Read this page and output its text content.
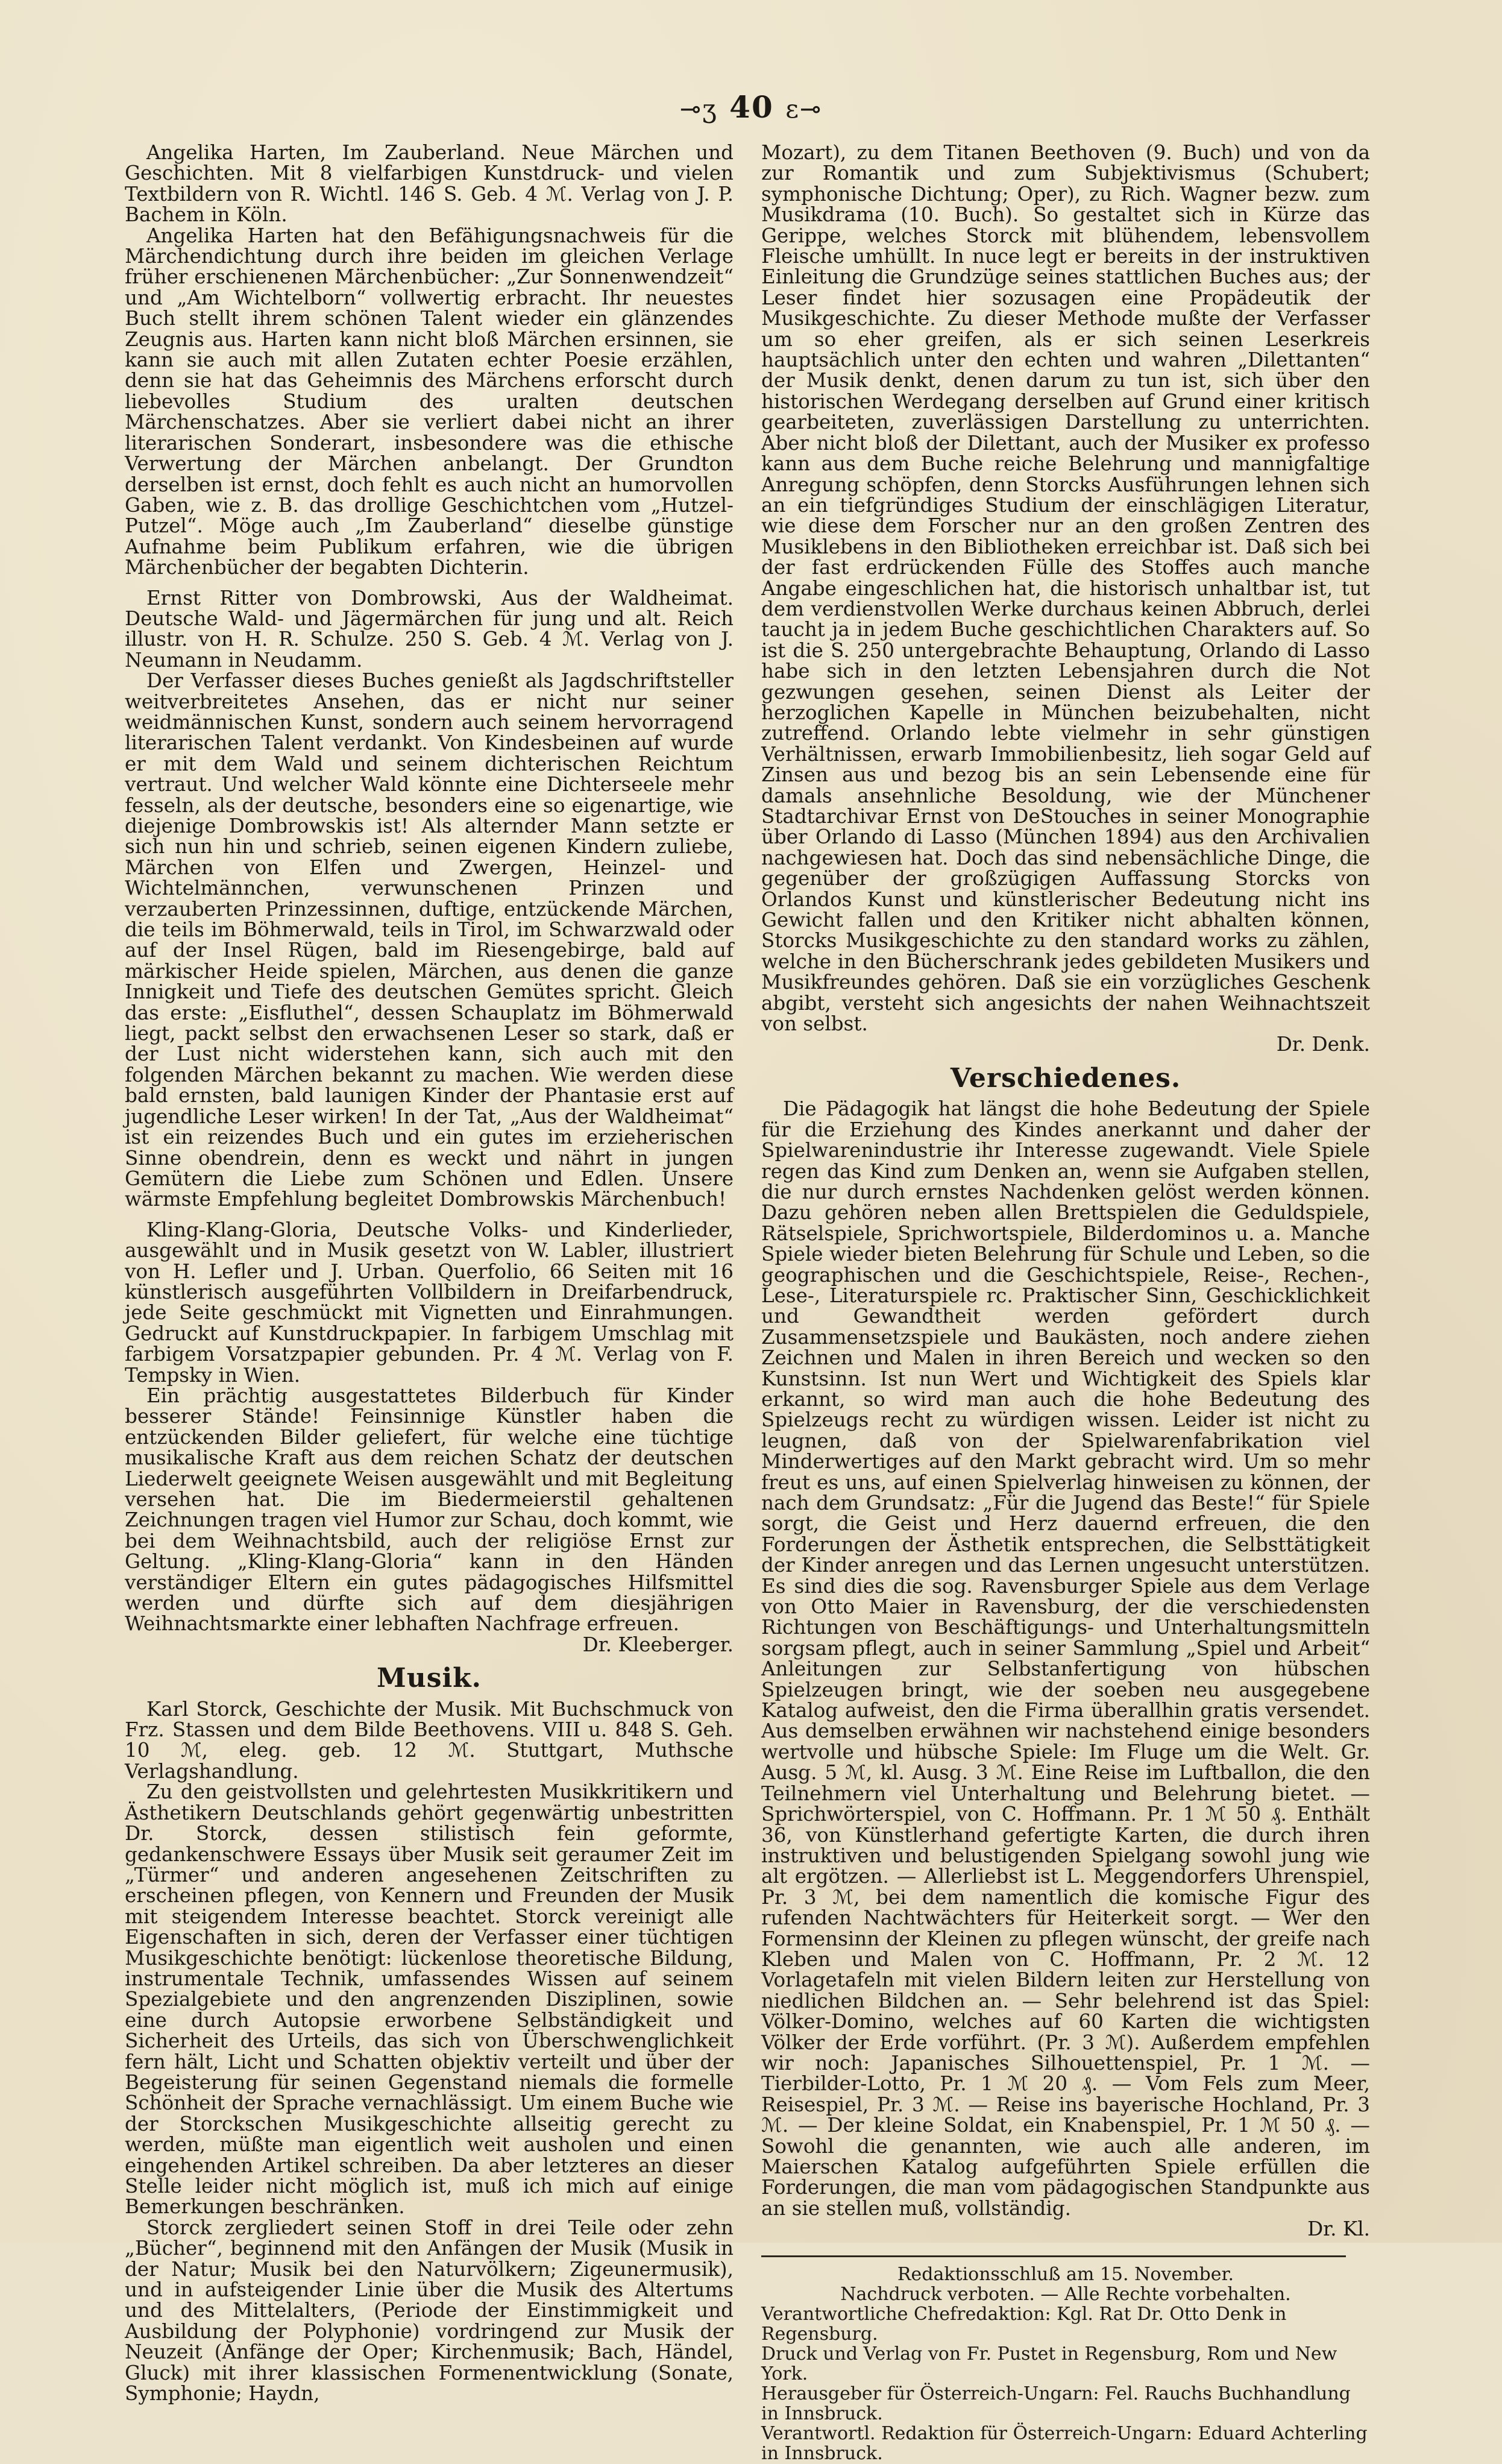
⊸ʒ 40 ɛ⊸

Angelika Harten, Im Zauberland. Neue Märchen und Geschichten. Mit 8 vielfarbigen Kunstdruck- und vielen Textbildern von R. Wichtl. 146 S. Geb. 4 ℳ. Verlag von J. P. Bachem in Köln.

Angelika Harten hat den Befähigungsnachweis für die Märchendichtung durch ihre beiden im gleichen Verlage früher erschienenen Märchenbücher: „Zur Sonnenwendzeit“ und „Am Wichtelborn“ vollwertig erbracht. Ihr neuestes Buch stellt ihrem schönen Talent wieder ein glänzendes Zeugnis aus. Harten kann nicht bloß Märchen ersinnen, sie kann sie auch mit allen Zutaten echter Poesie erzählen, denn sie hat das Geheimnis des Märchens erforscht durch liebevolles Studium des uralten deutschen Märchenschatzes. Aber sie verliert dabei nicht an ihrer literarischen Sonderart, insbesondere was die ethische Verwertung der Märchen anbelangt. Der Grundton derselben ist ernst, doch fehlt es auch nicht an humorvollen Gaben, wie z. B. das drollige Geschichtchen vom „Hutzel-Putzel“. Möge auch „Im Zauberland“ dieselbe günstige Aufnahme beim Publikum erfahren, wie die übrigen Märchenbücher der begabten Dichterin.

Ernst Ritter von Dombrowski, Aus der Waldheimat. Deutsche Wald- und Jägermärchen für jung und alt. Reich illustr. von H. R. Schulze. 250 S. Geb. 4 ℳ. Verlag von J. Neumann in Neudamm.

Der Verfasser dieses Buches genießt als Jagdschriftsteller weitverbreitetes Ansehen, das er nicht nur seiner weidmännischen Kunst, sondern auch seinem hervorragend literarischen Talent verdankt. Von Kindesbeinen auf wurde er mit dem Wald und seinem dichterischen Reichtum vertraut. Und welcher Wald könnte eine Dichterseele mehr fesseln, als der deutsche, besonders eine so eigenartige, wie diejenige Dombrowskis ist! Als alternder Mann setzte er sich nun hin und schrieb, seinen eigenen Kindern zuliebe, Märchen von Elfen und Zwergen, Heinzel- und Wichtelmännchen, verwunschenen Prinzen und verzauberten Prinzessinnen, duftige, entzückende Märchen, die teils im Böhmerwald, teils in Tirol, im Schwarzwald oder auf der Insel Rügen, bald im Riesengebirge, bald auf märkischer Heide spielen, Märchen, aus denen die ganze Innigkeit und Tiefe des deutschen Gemütes spricht. Gleich das erste: „Eisfluthel“, dessen Schauplatz im Böhmerwald liegt, packt selbst den erwachsenen Leser so stark, daß er der Lust nicht widerstehen kann, sich auch mit den folgenden Märchen bekannt zu machen. Wie werden diese bald ernsten, bald launigen Kinder der Phantasie erst auf jugendliche Leser wirken! In der Tat, „Aus der Waldheimat“ ist ein reizendes Buch und ein gutes im erzieherischen Sinne obendrein, denn es weckt und nährt in jungen Gemütern die Liebe zum Schönen und Edlen. Unsere wärmste Empfehlung begleitet Dombrowskis Märchenbuch!

Kling-Klang-Gloria, Deutsche Volks- und Kinderlieder, ausgewählt und in Musik gesetzt von W. Labler, illustriert von H. Lefler und J. Urban. Querfolio, 66 Seiten mit 16 künstlerisch ausgeführten Vollbildern in Dreifarbendruck, jede Seite geschmückt mit Vignetten und Einrahmungen. Gedruckt auf Kunstdruckpapier. In farbigem Umschlag mit farbigem Vorsatzpapier gebunden. Pr. 4 ℳ. Verlag von F. Tempsky in Wien.

Ein prächtig ausgestattetes Bilderbuch für Kinder besserer Stände! Feinsinnige Künstler haben die entzückenden Bilder geliefert, für welche eine tüchtige musikalische Kraft aus dem reichen Schatz der deutschen Liederwelt geeignete Weisen ausgewählt und mit Begleitung versehen hat. Die im Biedermeierstil gehaltenen Zeichnungen tragen viel Humor zur Schau, doch kommt, wie bei dem Weihnachtsbild, auch der religiöse Ernst zur Geltung. „Kling-Klang-Gloria“ kann in den Händen verständiger Eltern ein gutes pädagogisches Hilfsmittel werden und dürfte sich auf dem diesjährigen Weihnachtsmarkte einer lebhaften Nachfrage erfreuen.

Dr. Kleeberger.

Musik.

Karl Storck, Geschichte der Musik. Mit Buchschmuck von Frz. Stassen und dem Bilde Beethovens. VIII u. 848 S. Geh. 10 ℳ, eleg. geb. 12 ℳ. Stuttgart, Muthsche Verlagshandlung.

Zu den geistvollsten und gelehrtesten Musikkritikern und Ästhetikern Deutschlands gehört gegenwärtig unbestritten Dr. Storck, dessen stilistisch fein geformte, gedankenschwere Essays über Musik seit geraumer Zeit im „Türmer“ und anderen angesehenen Zeitschriften zu erscheinen pflegen, von Kennern und Freunden der Musik mit steigendem Interesse beachtet. Storck vereinigt alle Eigenschaften in sich, deren der Verfasser einer tüchtigen Musikgeschichte benötigt: lückenlose theoretische Bildung, instrumentale Technik, umfassendes Wissen auf seinem Spezialgebiete und den angrenzenden Disziplinen, sowie eine durch Autopsie erworbene Selbständigkeit und Sicherheit des Urteils, das sich von Überschwenglichkeit fern hält, Licht und Schatten objektiv verteilt und über der Begeisterung für seinen Gegenstand niemals die formelle Schönheit der Sprache vernachlässigt. Um einem Buche wie der Storckschen Musikgeschichte allseitig gerecht zu werden, müßte man eigentlich weit ausholen und einen eingehenden Artikel schreiben. Da aber letzteres an dieser Stelle leider nicht möglich ist, muß ich mich auf einige Bemerkungen beschränken.

Storck zergliedert seinen Stoff in drei Teile oder zehn „Bücher“, beginnend mit den Anfängen der Musik (Musik in der Natur; Musik bei den Naturvölkern; Zigeunermusik), und in aufsteigender Linie über die Musik des Altertums und des Mittelalters, (Periode der Einstimmigkeit und Ausbildung der Polyphonie) vordringend zur Musik der Neuzeit (Anfänge der Oper; Kirchenmusik; Bach, Händel, Gluck) mit ihrer klassischen Formenentwicklung (Sonate, Symphonie; Haydn,

Mozart), zu dem Titanen Beethoven (9. Buch) und von da zur Romantik und zum Subjektivismus (Schubert; symphonische Dichtung; Oper), zu Rich. Wagner bezw. zum Musikdrama (10. Buch). So gestaltet sich in Kürze das Gerippe, welches Storck mit blühendem, lebensvollem Fleische umhüllt. In nuce legt er bereits in der instruktiven Einleitung die Grundzüge seines stattlichen Buches aus; der Leser findet hier sozusagen eine Propädeutik der Musikgeschichte. Zu dieser Methode mußte der Verfasser um so eher greifen, als er sich seinen Leserkreis hauptsächlich unter den echten und wahren „Dilettanten“ der Musik denkt, denen darum zu tun ist, sich über den historischen Werdegang derselben auf Grund einer kritisch gearbeiteten, zuverlässigen Darstellung zu unterrichten. Aber nicht bloß der Dilettant, auch der Musiker ex professo kann aus dem Buche reiche Belehrung und mannigfaltige Anregung schöpfen, denn Storcks Ausführungen lehnen sich an ein tiefgründiges Studium der einschlägigen Literatur, wie diese dem Forscher nur an den großen Zentren des Musiklebens in den Bibliotheken erreichbar ist. Daß sich bei der fast erdrückenden Fülle des Stoffes auch manche Angabe eingeschlichen hat, die historisch unhaltbar ist, tut dem verdienstvollen Werke durchaus keinen Abbruch, derlei taucht ja in jedem Buche geschichtlichen Charakters auf. So ist die S. 250 untergebrachte Behauptung, Orlando di Lasso habe sich in den letzten Lebensjahren durch die Not gezwungen gesehen, seinen Dienst als Leiter der herzoglichen Kapelle in München beizubehalten, nicht zutreffend. Orlando lebte vielmehr in sehr günstigen Verhältnissen, erwarb Immobilienbesitz, lieh sogar Geld auf Zinsen aus und bezog bis an sein Lebensende eine für damals ansehnliche Besoldung, wie der Münchener Stadtarchivar Ernst von DeStouches in seiner Monographie über Orlando di Lasso (München 1894) aus den Archivalien nachgewiesen hat. Doch das sind nebensächliche Dinge, die gegenüber der großzügigen Auffassung Storcks von Orlandos Kunst und künstlerischer Bedeutung nicht ins Gewicht fallen und den Kritiker nicht abhalten können, Storcks Musikgeschichte zu den standard works zu zählen, welche in den Bücherschrank jedes gebildeten Musikers und Musikfreundes gehören. Daß sie ein vorzügliches Geschenk abgibt, versteht sich angesichts der nahen Weihnachtszeit von selbst.

Dr. Denk.

Verschiedenes.

Die Pädagogik hat längst die hohe Bedeutung der Spiele für die Erziehung des Kindes anerkannt und daher der Spielwarenindustrie ihr Interesse zugewandt. Viele Spiele regen das Kind zum Denken an, wenn sie Aufgaben stellen, die nur durch ernstes Nachdenken gelöst werden können. Dazu gehören neben allen Brettspielen die Geduldspiele, Rätselspiele, Sprichwortspiele, Bilderdominos u. a. Manche Spiele wieder bieten Belehrung für Schule und Leben, so die geographischen und die Geschichtspiele, Reise-, Rechen-, Lese-, Literaturspiele rc. Praktischer Sinn, Geschicklichkeit und Gewandtheit werden gefördert durch Zusammensetzspiele und Baukästen, noch andere ziehen Zeichnen und Malen in ihren Bereich und wecken so den Kunstsinn. Ist nun Wert und Wichtigkeit des Spiels klar erkannt, so wird man auch die hohe Bedeutung des Spielzeugs recht zu würdigen wissen. Leider ist nicht zu leugnen, daß von der Spielwarenfabrikation viel Minderwertiges auf den Markt gebracht wird. Um so mehr freut es uns, auf einen Spielverlag hinweisen zu können, der nach dem Grundsatz: „Für die Jugend das Beste!“ für Spiele sorgt, die Geist und Herz dauernd erfreuen, die den Forderungen der Ästhetik entsprechen, die Selbsttätigkeit der Kinder anregen und das Lernen ungesucht unterstützen. Es sind dies die sog. Ravensburger Spiele aus dem Verlage von Otto Maier in Ravensburg, der die verschiedensten Richtungen von Beschäftigungs- und Unterhaltungsmitteln sorgsam pflegt, auch in seiner Sammlung „Spiel und Arbeit“ Anleitungen zur Selbstanfertigung von hübschen Spielzeugen bringt, wie der soeben neu ausgegebene Katalog aufweist, den die Firma überallhin gratis versendet. Aus demselben erwähnen wir nachstehend einige besonders wertvolle und hübsche Spiele: Im Fluge um die Welt. Gr. Ausg. 5 ℳ, kl. Ausg. 3 ℳ. Eine Reise im Luftballon, die den Teilnehmern viel Unterhaltung und Belehrung bietet. — Sprichwörterspiel, von C. Hoffmann. Pr. 1 ℳ 50 ₰. Enthält 36, von Künstlerhand gefertigte Karten, die durch ihren instruktiven und belustigenden Spielgang sowohl jung wie alt ergötzen. — Allerliebst ist L. Meggendorfers Uhrenspiel, Pr. 3 ℳ, bei dem namentlich die komische Figur des rufenden Nachtwächters für Heiterkeit sorgt. — Wer den Formensinn der Kleinen zu pflegen wünscht, der greife nach Kleben und Malen von C. Hoffmann, Pr. 2 ℳ. 12 Vorlagetafeln mit vielen Bildern leiten zur Herstellung von niedlichen Bildchen an. — Sehr belehrend ist das Spiel: Völker-Domino, welches auf 60 Karten die wichtigsten Völker der Erde vorführt. (Pr. 3 ℳ). Außerdem empfehlen wir noch: Japanisches Silhouettenspiel, Pr. 1 ℳ. — Tierbilder-Lotto, Pr. 1 ℳ 20 ₰. — Vom Fels zum Meer, Reisespiel, Pr. 3 ℳ. — Reise ins bayerische Hochland, Pr. 3 ℳ. — Der kleine Soldat, ein Knabenspiel, Pr. 1 ℳ 50 ₰. — Sowohl die genannten, wie auch alle anderen, im Maierschen Katalog aufgeführten Spiele erfüllen die Forderungen, die man vom pädagogischen Standpunkte aus an sie stellen muß, vollständig.

Dr. Kl.

Redaktionsschluß am 15. November.

Nachdruck verboten. — Alle Rechte vorbehalten.

Verantwortliche Chefredaktion: Kgl. Rat Dr. Otto Denk in Regensburg.

Druck und Verlag von Fr. Pustet in Regensburg, Rom und New York.

Herausgeber für Österreich-Ungarn: Fel. Rauchs Buchhandlung in Innsbruck.

Verantwortl. Redaktion für Österreich-Ungarn: Eduard Achterling in Innsbruck.
